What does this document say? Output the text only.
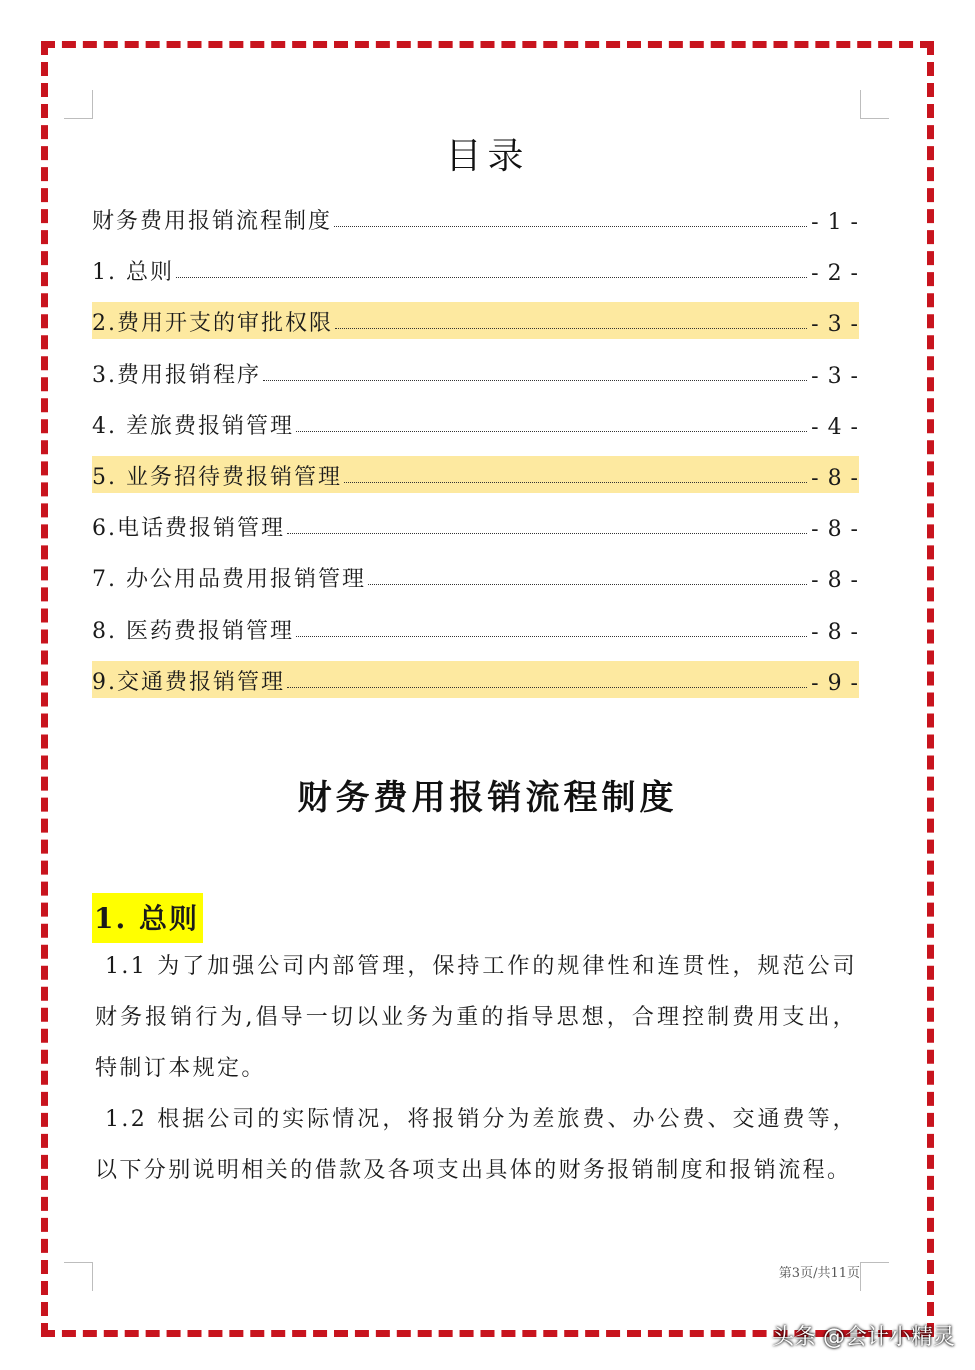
目录
财务费用报销流程制度	- 1 -
1. 总则	- 2 -
2.费用开支的审批权限	- 3 -
3.费用报销程序	- 3 -
4. 差旅费报销管理	- 4 -
5. 业务招待费报销管理	- 8 -
6.电话费报销管理	- 8 -
7. 办公用品费用报销管理	- 8 -
8. 医药费报销管理	- 8 -
9.交通费报销管理	- 9 -
财务费用报销流程制度
1. 总则
1.1 为了加强公司内部管理，保持工作的规律性和连贯性，规范公司财务报销行为,倡导一切以业务为重的指导思想，合理控制费用支出，特制订本规定。
1.2 根据公司的实际情况，将报销分为差旅费、办公费、交通费等，以下分别说明相关的借款及各项支出具体的财务报销制度和报销流程。
第3页/共11页
头条 @会计小精灵
